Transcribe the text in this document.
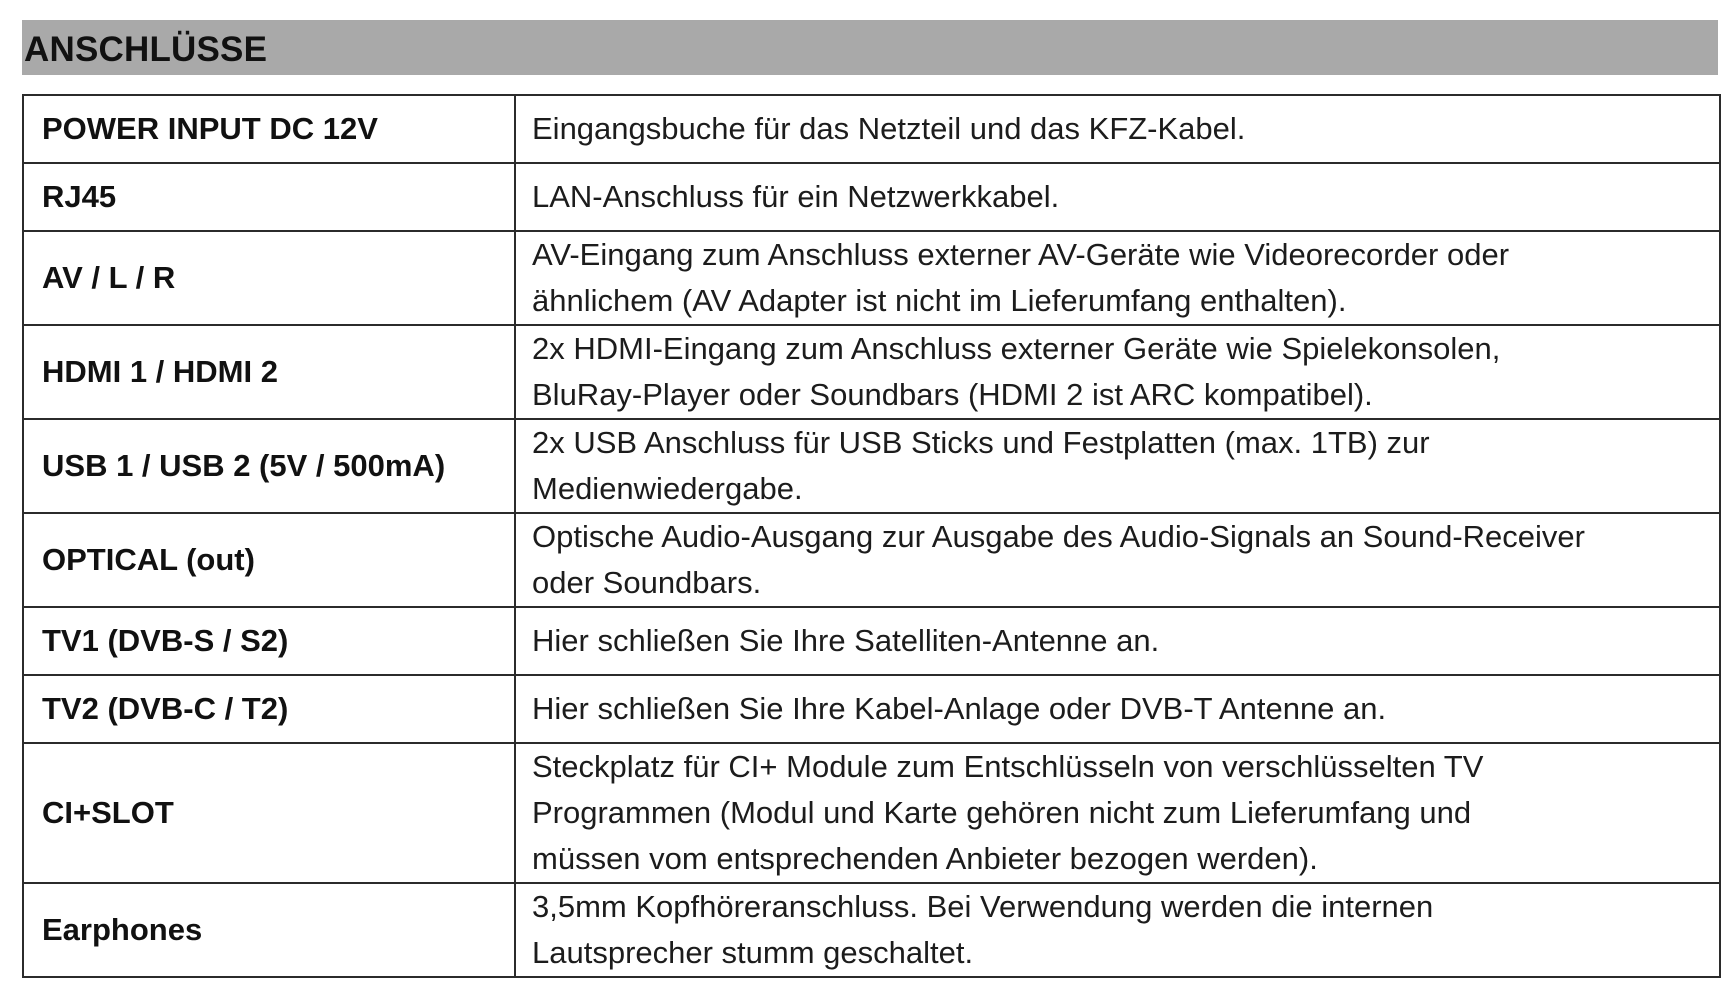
ANSCHLÜSSE
POWER INPUT DC 12V	Eingangsbuche für das Netzteil und das KFZ-Kabel.

RJ45	LAN-Anschluss für ein Netzwerkkabel.

AV / L / R	AV-Eingang zum Anschluss externer AV-Geräte wie Videorecorder oder
ähnlichem (AV Adapter ist nicht im Lieferumfang enthalten).

HDMI 1 / HDMI 2	2x HDMI-Eingang zum Anschluss externer Geräte wie Spielekonsolen,
BluRay-Player oder Soundbars (HDMI 2 ist ARC kompatibel).

USB 1 / USB 2 (5V / 500mA)	2x USB Anschluss für USB Sticks und Festplatten (max. 1TB) zur
Medienwiedergabe.

OPTICAL (out)	Optische Audio-Ausgang zur Ausgabe des Audio-Signals an Sound-Receiver
oder Soundbars.

TV1 (DVB-S / S2)	Hier schließen Sie Ihre Satelliten-Antenne an.

TV2 (DVB-C / T2)	Hier schließen Sie Ihre Kabel-Anlage oder DVB-T Antenne an.

CI+SLOT	Steckplatz für CI+ Module zum Entschlüsseln von verschlüsselten TV
Programmen (Modul und Karte gehören nicht zum Lieferumfang und
müssen vom entsprechenden Anbieter bezogen werden).

Earphones	3,5mm Kopfhöreranschluss. Bei Verwendung werden die internen
Lautsprecher stumm geschaltet.
